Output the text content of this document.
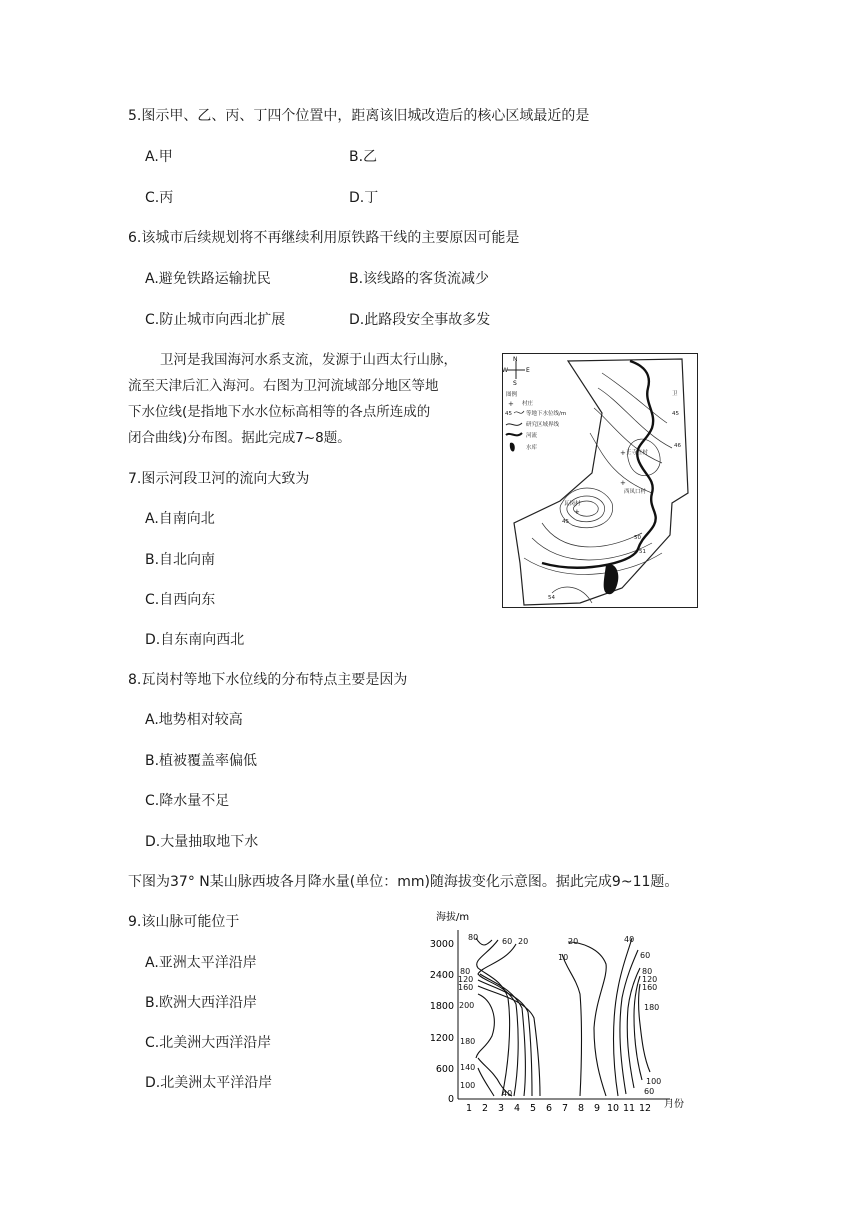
5.图示甲、乙、丙、丁四个位置中，距离该旧城改造后的核心区域最近的是
A.甲	B.乙
C.丙	D.丁
6.该城市后续规划将不再继续利用原铁路干线的主要原因可能是
A.避免铁路运输扰民	B.该线路的客货流减少
C.防止城市向西北扩展	D.此路段安全事故多发
卫河是我国海河水系支流，发源于山西太行山脉，
流至天津后汇入海河。右图为卫河流域部分地区等地
下水位线(是指地下水水位标高相等的各点所连成的
闭合曲线)分布图。据此完成7~8题。
7.图示河段卫河的流向大致为
A.自南向北
B.自北向南
C.自西向东
D.自东南向西北
8.瓦岗村等地下水位线的分布特点主要是因为
A.地势相对较高
B.植被覆盖率偏低
C.降水量不足
D.大量抽取地下水
下图为37° N某山脉西坡各月降水量(单位：mm)随海拔变化示意图。据此完成9~11题。
9.该山脉可能位于
A.亚洲太平洋沿岸
B.欧洲大西洋沿岸
C.北美洲大西洋沿岸
D.北美洲太平洋沿岸
N
W	E
S
图例
+ 村庄
45	等地下水位线/m
研究区域界线
河流
水库
卫
+ 王寺庄村
+
西凤口村
+
瓦岗村
45
45
46
50
51
54
海拔/m
月份
0
600
1200
1800
2400
3000
1 2 3 4 5 6 7 8 9 10 11 12
80	60 20
80
120
160
200
180
140
100
40
20
10
40
60
80
120
160
180
100
60
